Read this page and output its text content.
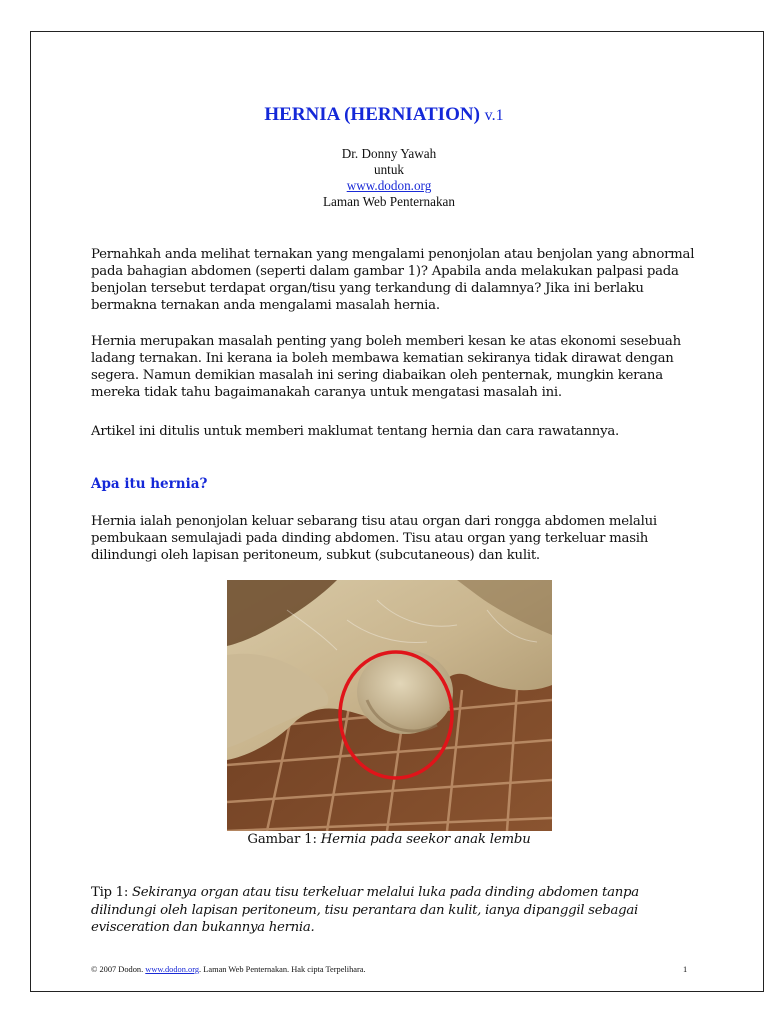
HERNIA (HERNIATION) v.1
Dr. Donny Yawah
untuk
www.dodon.org
Laman Web Penternakan
Pernahkah anda melihat ternakan yang mengalami penonjolan atau benjolan yang abnormal pada bahagian abdomen (seperti dalam gambar 1)? Apabila anda melakukan palpasi pada benjolan tersebut terdapat organ/tisu yang terkandung di dalamnya? Jika ini berlaku bermakna ternakan anda mengalami masalah hernia.
Hernia merupakan masalah penting yang boleh memberi kesan ke atas ekonomi sesebuah ladang ternakan. Ini kerana ia boleh membawa kematian sekiranya tidak dirawat dengan segera. Namun demikian masalah ini sering diabaikan oleh penternak, mungkin kerana mereka tidak tahu bagaimanakah caranya untuk mengatasi masalah ini.
Artikel ini ditulis untuk memberi maklumat tentang hernia dan cara rawatannya.
Apa itu hernia?
Hernia ialah penonjolan keluar sebarang tisu atau organ dari rongga abdomen melalui pembukaan semulajadi pada dinding abdomen. Tisu atau organ yang terkeluar masih dilindungi oleh lapisan peritoneum, subkut (subcutaneous) dan kulit.
Gambar 1: Hernia pada seekor anak lembu
Tip 1: Sekiranya organ atau tisu terkeluar melalui luka pada dinding abdomen tanpa dilindungi oleh lapisan peritoneum, tisu perantara dan kulit, ianya dipanggil sebagai evisceration dan bukannya hernia.
© 2007 Dodon. www.dodon.org. Laman Web Penternakan. Hak cipta Terpelihara.	1
